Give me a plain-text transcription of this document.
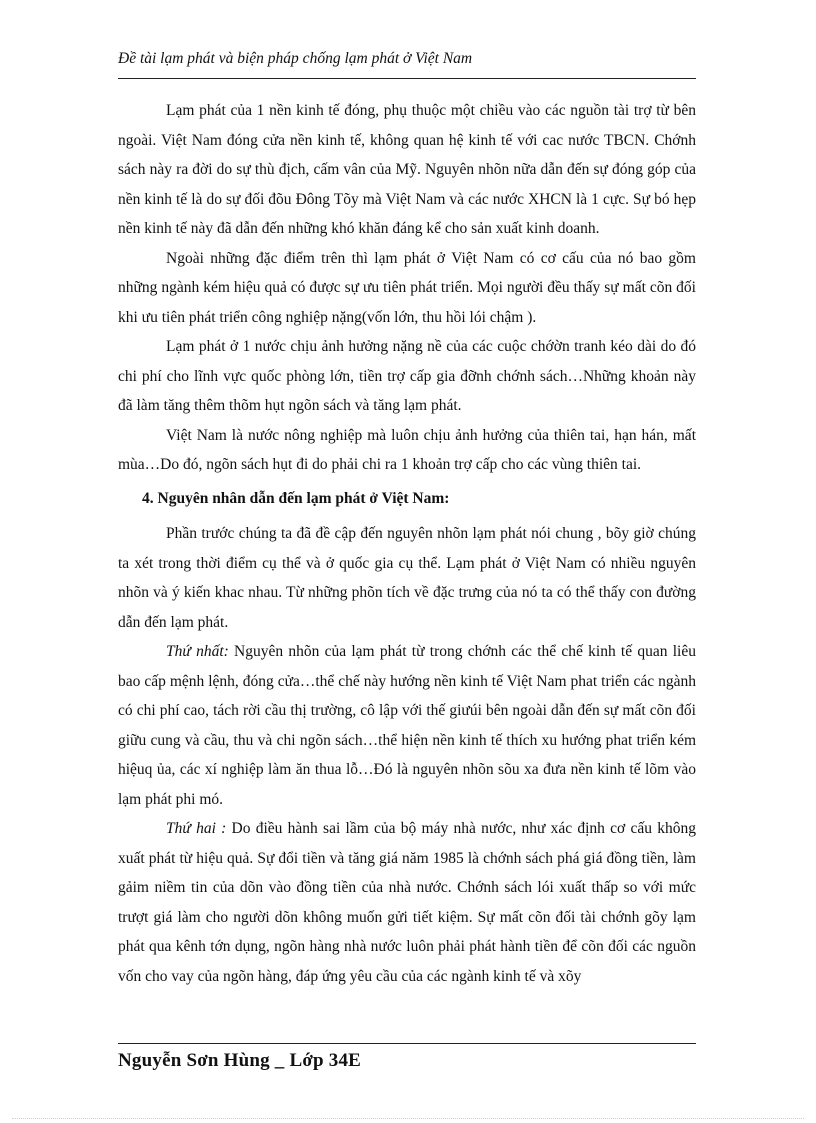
Đề tài lạm phát và biện pháp chống lạm phát ở Việt Nam

Lạm phát của 1 nền kinh tế đóng, phụ thuộc một chiều vào các nguồn tài trợ từ bên ngoài. Việt Nam đóng cửa nền kinh tế, không quan hệ kinh tế với cac nước TBCN. Chớnh sách này ra đời do sự thù địch, cấm vân của Mỹ. Nguyên nhõn nữa dẫn đến sự đóng góp của nền kinh tế là do sự đối đõu Đông Tõy mà Việt Nam và các nước XHCN là 1 cực. Sự bó hẹp nền kinh tế này đã dẫn đến những khó khăn đáng kể cho sản xuất kinh doanh.

Ngoài những đặc điểm trên thì lạm phát ở Việt Nam có cơ cấu của nó bao gồm những ngành kém hiệu quả có được sự ưu tiên phát triển. Mọi người đều thấy sự mất cõn đối khi ưu tiên phát triển công nghiệp nặng(vốn lớn, thu hồi lói chậm ).

Lạm phát ở 1 nước chịu ảnh hưởng nặng nề của các cuộc chớờn tranh kéo dài do đó chi phí cho lĩnh vực quốc phòng lớn, tiền trợ cấp gia đỡnh chớnh sách…Những khoản này đã làm tăng thêm thõm hụt ngõn sách và tăng lạm phát.

Việt Nam là nước nông nghiệp mà luôn chịu ảnh hưởng của thiên tai, hạn hán, mất mùa…Do đó, ngõn sách hụt đi do phải chi ra 1 khoản trợ cấp cho các vùng thiên tai.

4. Nguyên nhân dẫn đến lạm phát ở Việt Nam:

Phần trước chúng ta đã đề cập đến nguyên nhõn lạm phát nói chung , bõy giờ chúng ta xét trong thời điểm cụ thể và ở quốc gia cụ thể. Lạm phát ở Việt Nam có nhiều nguyên nhõn và ý kiến khac nhau. Từ những phõn tích về đặc trưng của nó ta có thể thấy con đường dẫn đến lạm phát.

Thứ nhất: Nguyên nhõn của lạm phát từ trong chớnh các thể chế kinh tế quan liêu bao cấp mệnh lệnh, đóng cửa…thể chế này hướng nền kinh tế Việt Nam phat triển các ngành có chi phí cao, tách rời cầu thị trường, cô lập với thế giưúi bên ngoài dẫn đến sự mất cõn đối giữu cung và cầu, thu và chi ngõn sách…thể hiện nền kinh tế thích xu hướng phat triển kém hiệuq ủa, các xí nghiệp làm ăn thua lỗ…Đó là nguyên nhõn sõu xa đưa nền kinh tế lõm vào lạm phát phi mó.

Thứ hai : Do điều hành sai lầm của bộ máy nhà nước, như xác định cơ cấu không xuất phát từ hiệu quả. Sự đổi tiền và tăng giá năm 1985 là chớnh sách phá giá đồng tiền, làm gảim niềm tin của dõn vào đồng tiền của nhà nước. Chớnh sách lói xuất thấp so với mức trượt giá làm cho người dõn không muốn gửi tiết kiệm. Sự mất cõn đối tài chớnh gõy lạm phát qua kênh tớn dụng, ngõn hàng nhà nước luôn phải phát hành tiền để cõn đối các nguồn vốn cho vay của ngõn hàng, đáp ứng yêu cầu của các ngành kinh tế và xõy

Nguyễn Sơn Hùng _ Lớp 34E
